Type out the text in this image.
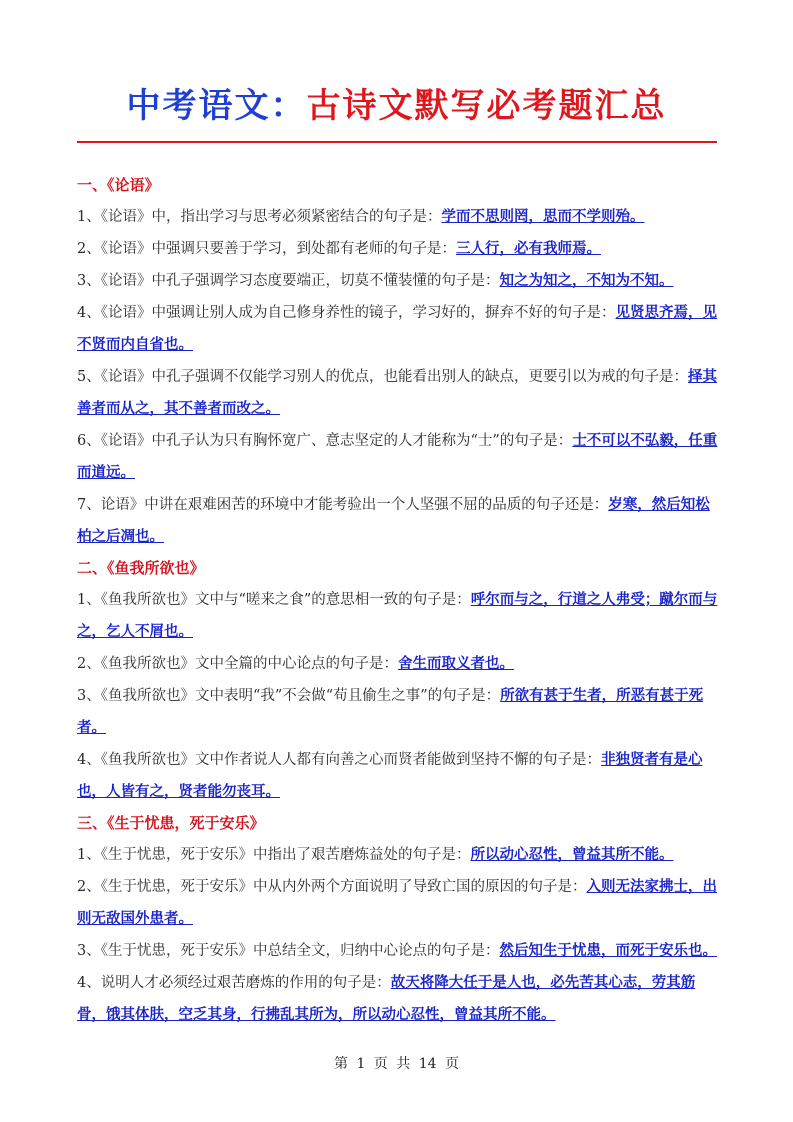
中考语文：古诗文默写必考题汇总
一、《论语》

1、《论语》中，指出学习与思考必须紧密结合的句子是：学而不思则罔，思而不学则殆。

2、《论语》中强调只要善于学习，到处都有老师的句子是：三人行，必有我师焉。

3、《论语》中孔子强调学习态度要端正，切莫不懂装懂的句子是：知之为知之，不知为不知。

4、《论语》中强调让别人成为自己修身养性的镜子，学习好的，摒弃不好的句子是：见贤思齐焉，见不贤而内自省也。

5、《论语》中孔子强调不仅能学习别人的优点，也能看出别人的缺点，更要引以为戒的句子是：择其善者而从之，其不善者而改之。

6、《论语》中孔子认为只有胸怀宽广、意志坚定的人才能称为“士”的句子是：士不可以不弘毅，任重而道远。

7、论语》中讲在艰难困苦的环境中才能考验出一个人坚强不屈的品质的句子还是：岁寒，然后知松柏之后凋也。

二、《鱼我所欲也》

1、《鱼我所欲也》文中与“嗟来之食”的意思相一致的句子是：呼尔而与之，行道之人弗受；蹴尔而与之，乞人不屑也。

2、《鱼我所欲也》文中全篇的中心论点的句子是：舍生而取义者也。

3、《鱼我所欲也》文中表明“我”不会做“苟且偷生之事”的句子是：所欲有甚于生者，所恶有甚于死者。

4、《鱼我所欲也》文中作者说人人都有向善之心而贤者能做到坚持不懈的句子是：非独贤者有是心也，人皆有之，贤者能勿丧耳。

三、《生于忧患，死于安乐》

1、《生于忧患，死于安乐》中指出了艰苦磨炼益处的句子是：所以动心忍性，曾益其所不能。

2、《生于忧患，死于安乐》中从内外两个方面说明了导致亡国的原因的句子是：入则无法家拂士，出则无敌国外患者。

3、《生于忧患，死于安乐》中总结全文，归纳中心论点的句子是：然后知生于忧患，而死于安乐也。

4、说明人才必须经过艰苦磨炼的作用的句子是：故天将降大任于是人也，必先苦其心志，劳其筋骨，饿其体肤，空乏其身，行拂乱其所为，所以动心忍性，曾益其所不能。

第 1 页 共 14 页
